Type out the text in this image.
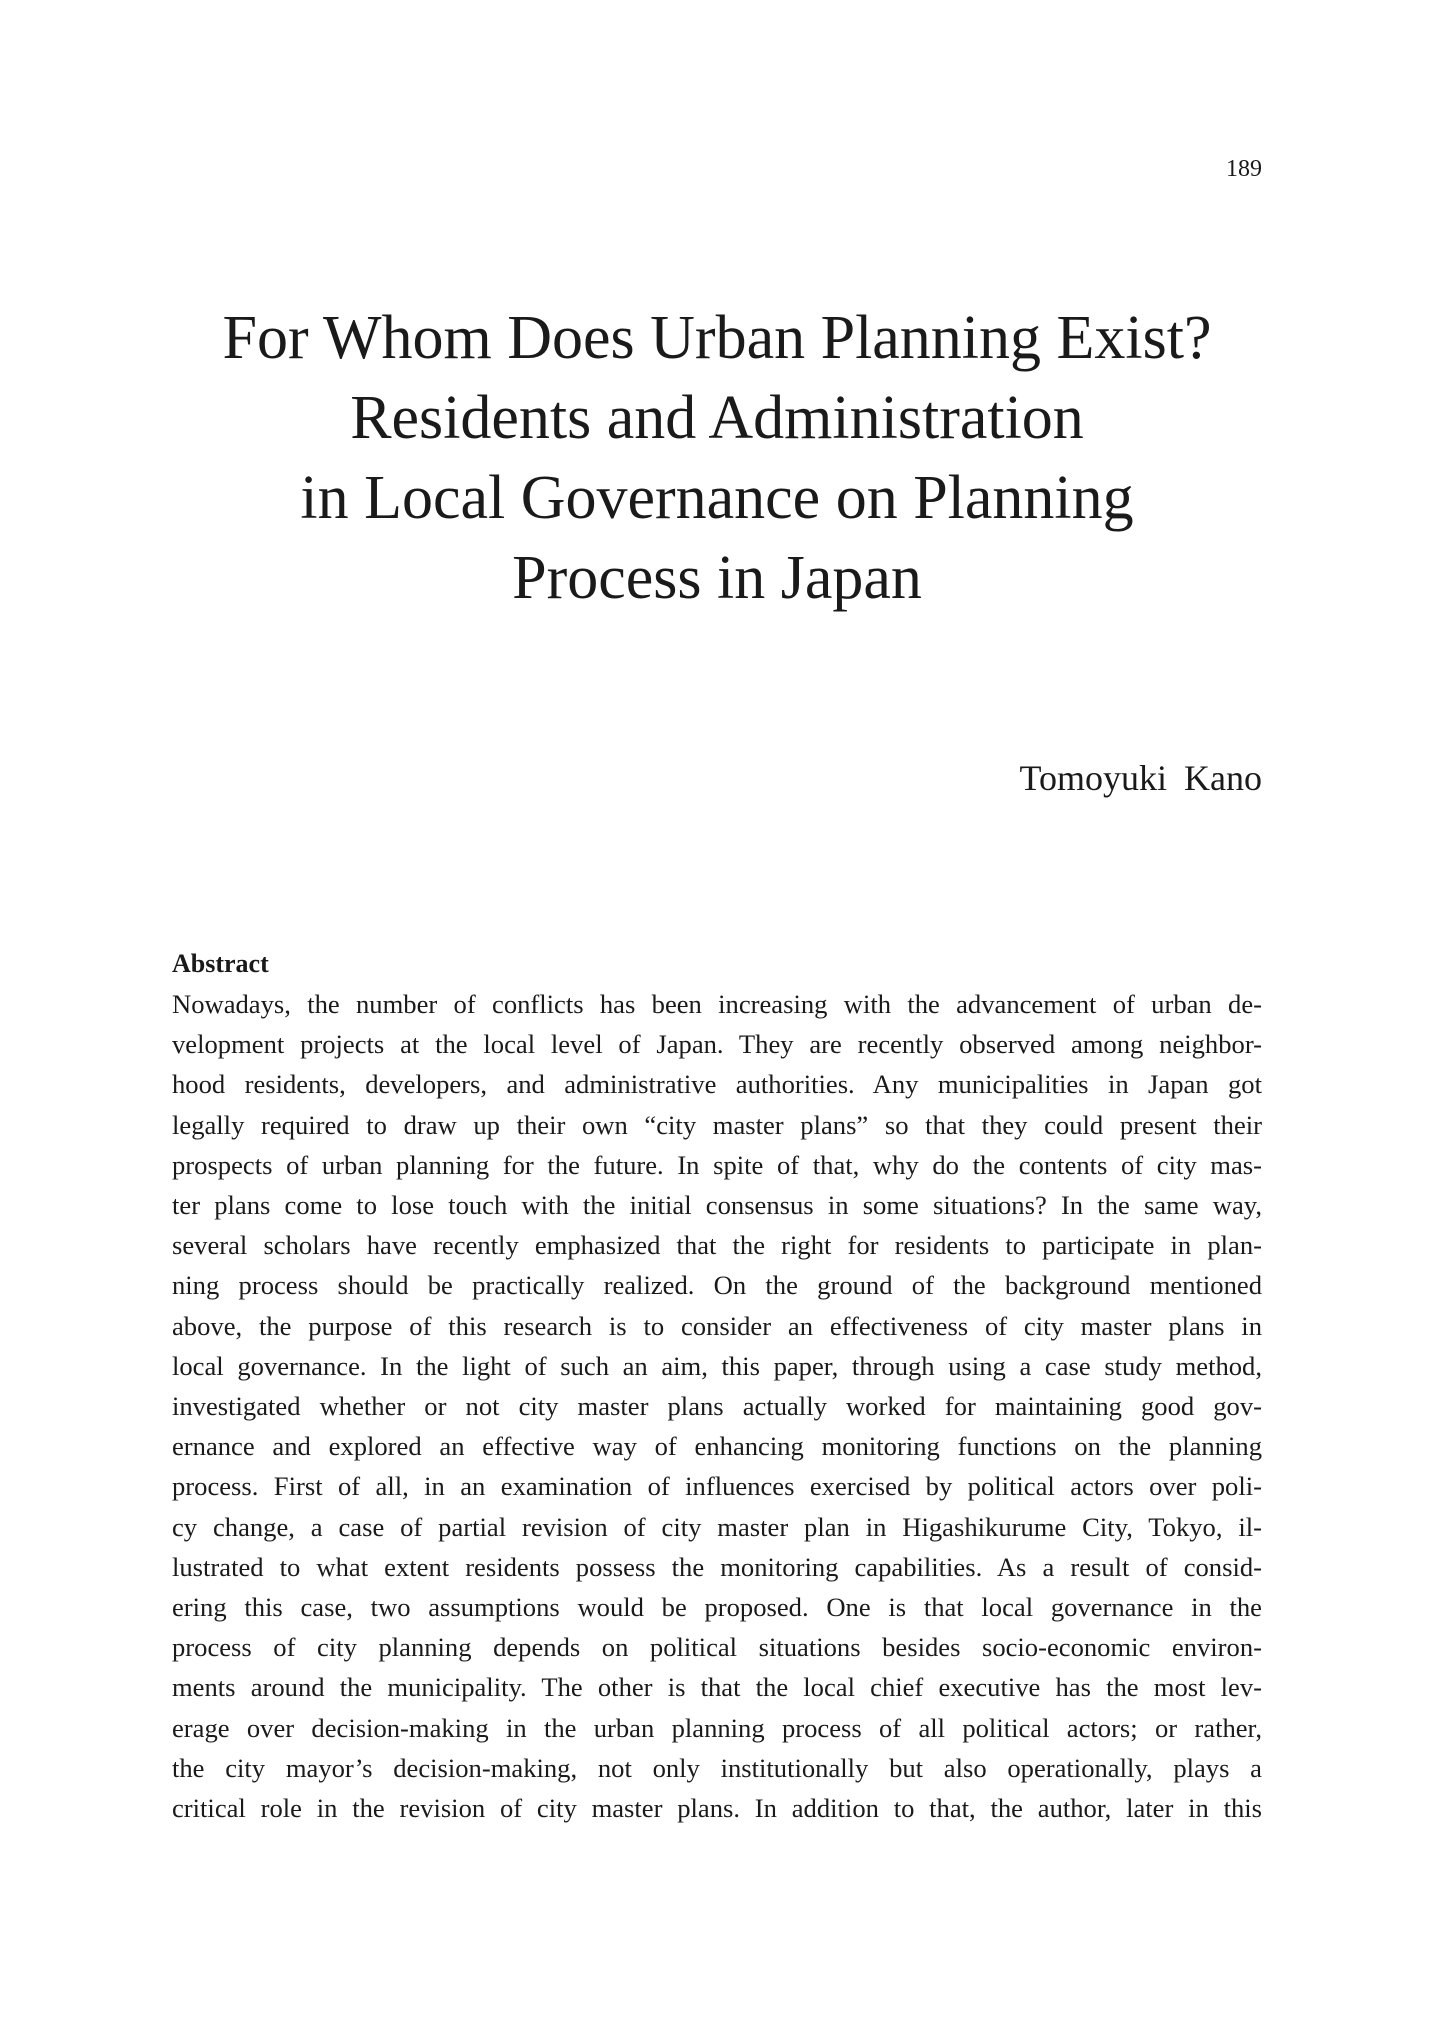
189
For Whom Does Urban Planning Exist?
Residents and Administration
in Local Governance on Planning
Process in Japan
Tomoyuki Kano
Abstract

Nowadays, the number of conflicts has been increasing with the advancement of urban de-
velopment projects at the local level of Japan. They are recently observed among neighbor-
hood residents, developers, and administrative authorities. Any municipalities in Japan got
legally required to draw up their own “city master plans” so that they could present their
prospects of urban planning for the future. In spite of that, why do the contents of city mas-
ter plans come to lose touch with the initial consensus in some situations? In the same way,
several scholars have recently emphasized that the right for residents to participate in plan-
ning process should be practically realized. On the ground of the background mentioned
above, the purpose of this research is to consider an effectiveness of city master plans in
local governance. In the light of such an aim, this paper, through using a case study method,
investigated whether or not city master plans actually worked for maintaining good gov-
ernance and explored an effective way of enhancing monitoring functions on the planning
process. First of all, in an examination of influences exercised by political actors over poli-
cy change, a case of partial revision of city master plan in Higashikurume City, Tokyo, il-
lustrated to what extent residents possess the monitoring capabilities. As a result of consid-
ering this case, two assumptions would be proposed. One is that local governance in the
process of city planning depends on political situations besides socio-economic environ-
ments around the municipality. The other is that the local chief executive has the most lev-
erage over decision-making in the urban planning process of all political actors; or rather,
the city mayor’s decision-making, not only institutionally but also operationally, plays a
critical role in the revision of city master plans. In addition to that, the author, later in this
